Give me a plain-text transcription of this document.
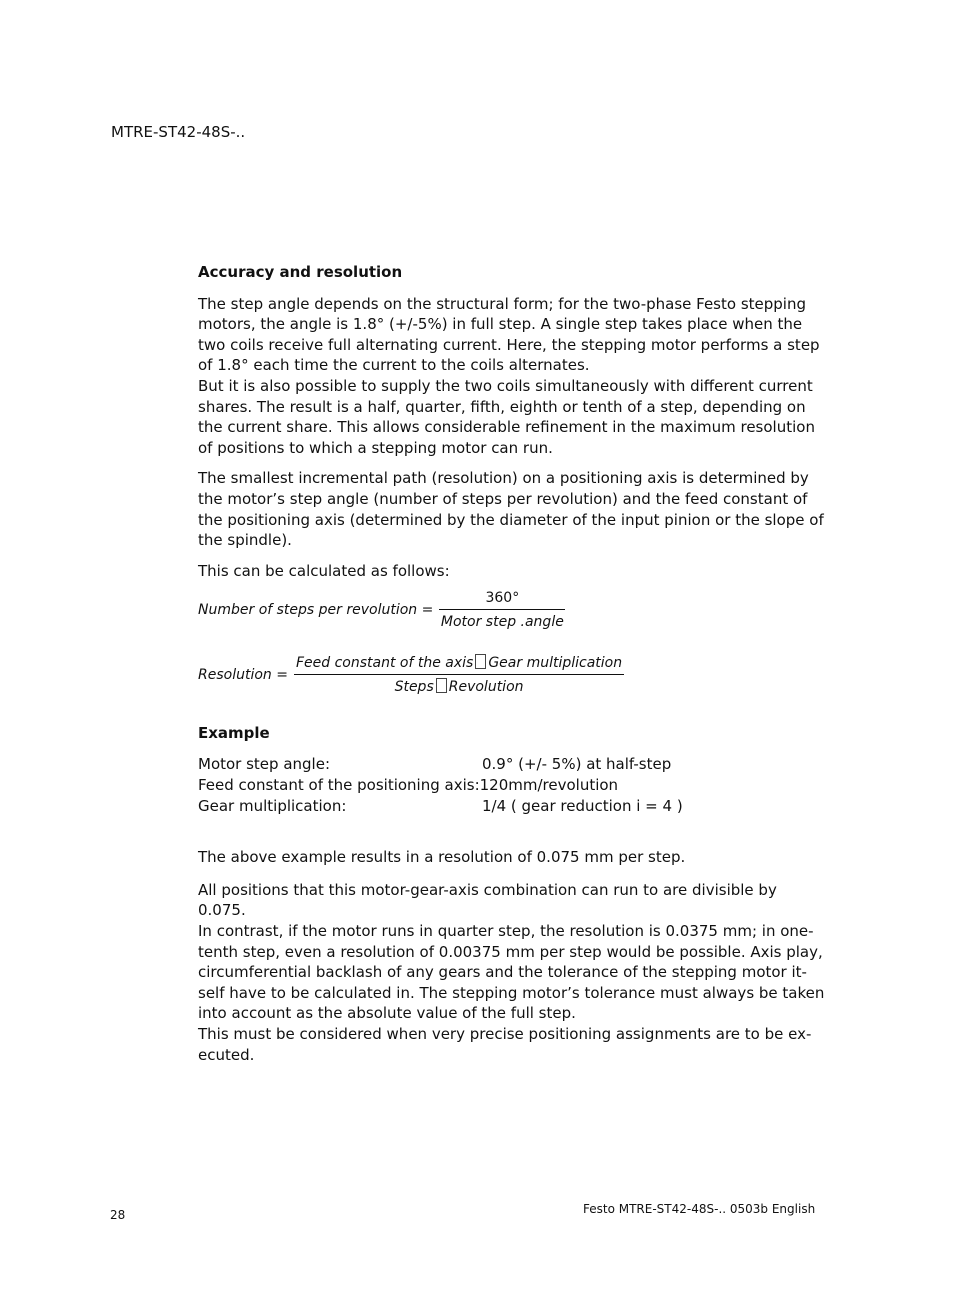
MTRE-ST42-48S-..
Accuracy and resolution
The step angle depends on the structural form; for the two-phase Festo stepping
motors, the angle is 1.8° (+/-5%) in full step. A single step takes place when the
two coils receive full alternating current. Here, the stepping motor performs a step
of 1.8° each time the current to the coils alternates.
But it is also possible to supply the two coils simultaneously with different current
shares. The result is a half, quarter, fifth, eighth or tenth of a step, depending on
the current share. This allows considerable refinement in the maximum resolution
of positions to which a stepping motor can run.
The smallest incremental path (resolution) on a positioning axis is determined by
the motor’s step angle (number of steps per revolution) and the feed constant of
the positioning axis (determined by the diameter of the input pinion or the slope of
the spindle).
This can be calculated as follows:
Number of steps per revolution = $\frac{360^\circ}{\text{Motor step .angle}}$
Resolution = $\frac{\text{Feed constant of the axis Gear multiplication}}{\text{Steps Revolution}}$
Example
Motor step angle:	0.9° (+/- 5%) at half-step
Feed constant of the positioning axis: 120mm/revolution
Gear multiplication:	1/4 ( gear reduction i = 4 )
The above example results in a resolution of 0.075 mm per step.
All positions that this motor-gear-axis combination can run to are divisible by
0.075.
In contrast, if the motor runs in quarter step, the resolution is 0.0375 mm; in one-
tenth step, even a resolution of 0.00375 mm per step would be possible. Axis play,
circumferential backlash of any gears and the tolerance of the stepping motor it-
self have to be calculated in. The stepping motor’s tolerance must always be taken
into account as the absolute value of the full step.
This must be considered when very precise positioning assignments are to be ex-
ecuted.
28	Festo MTRE-ST42-48S-.. 0503b English
